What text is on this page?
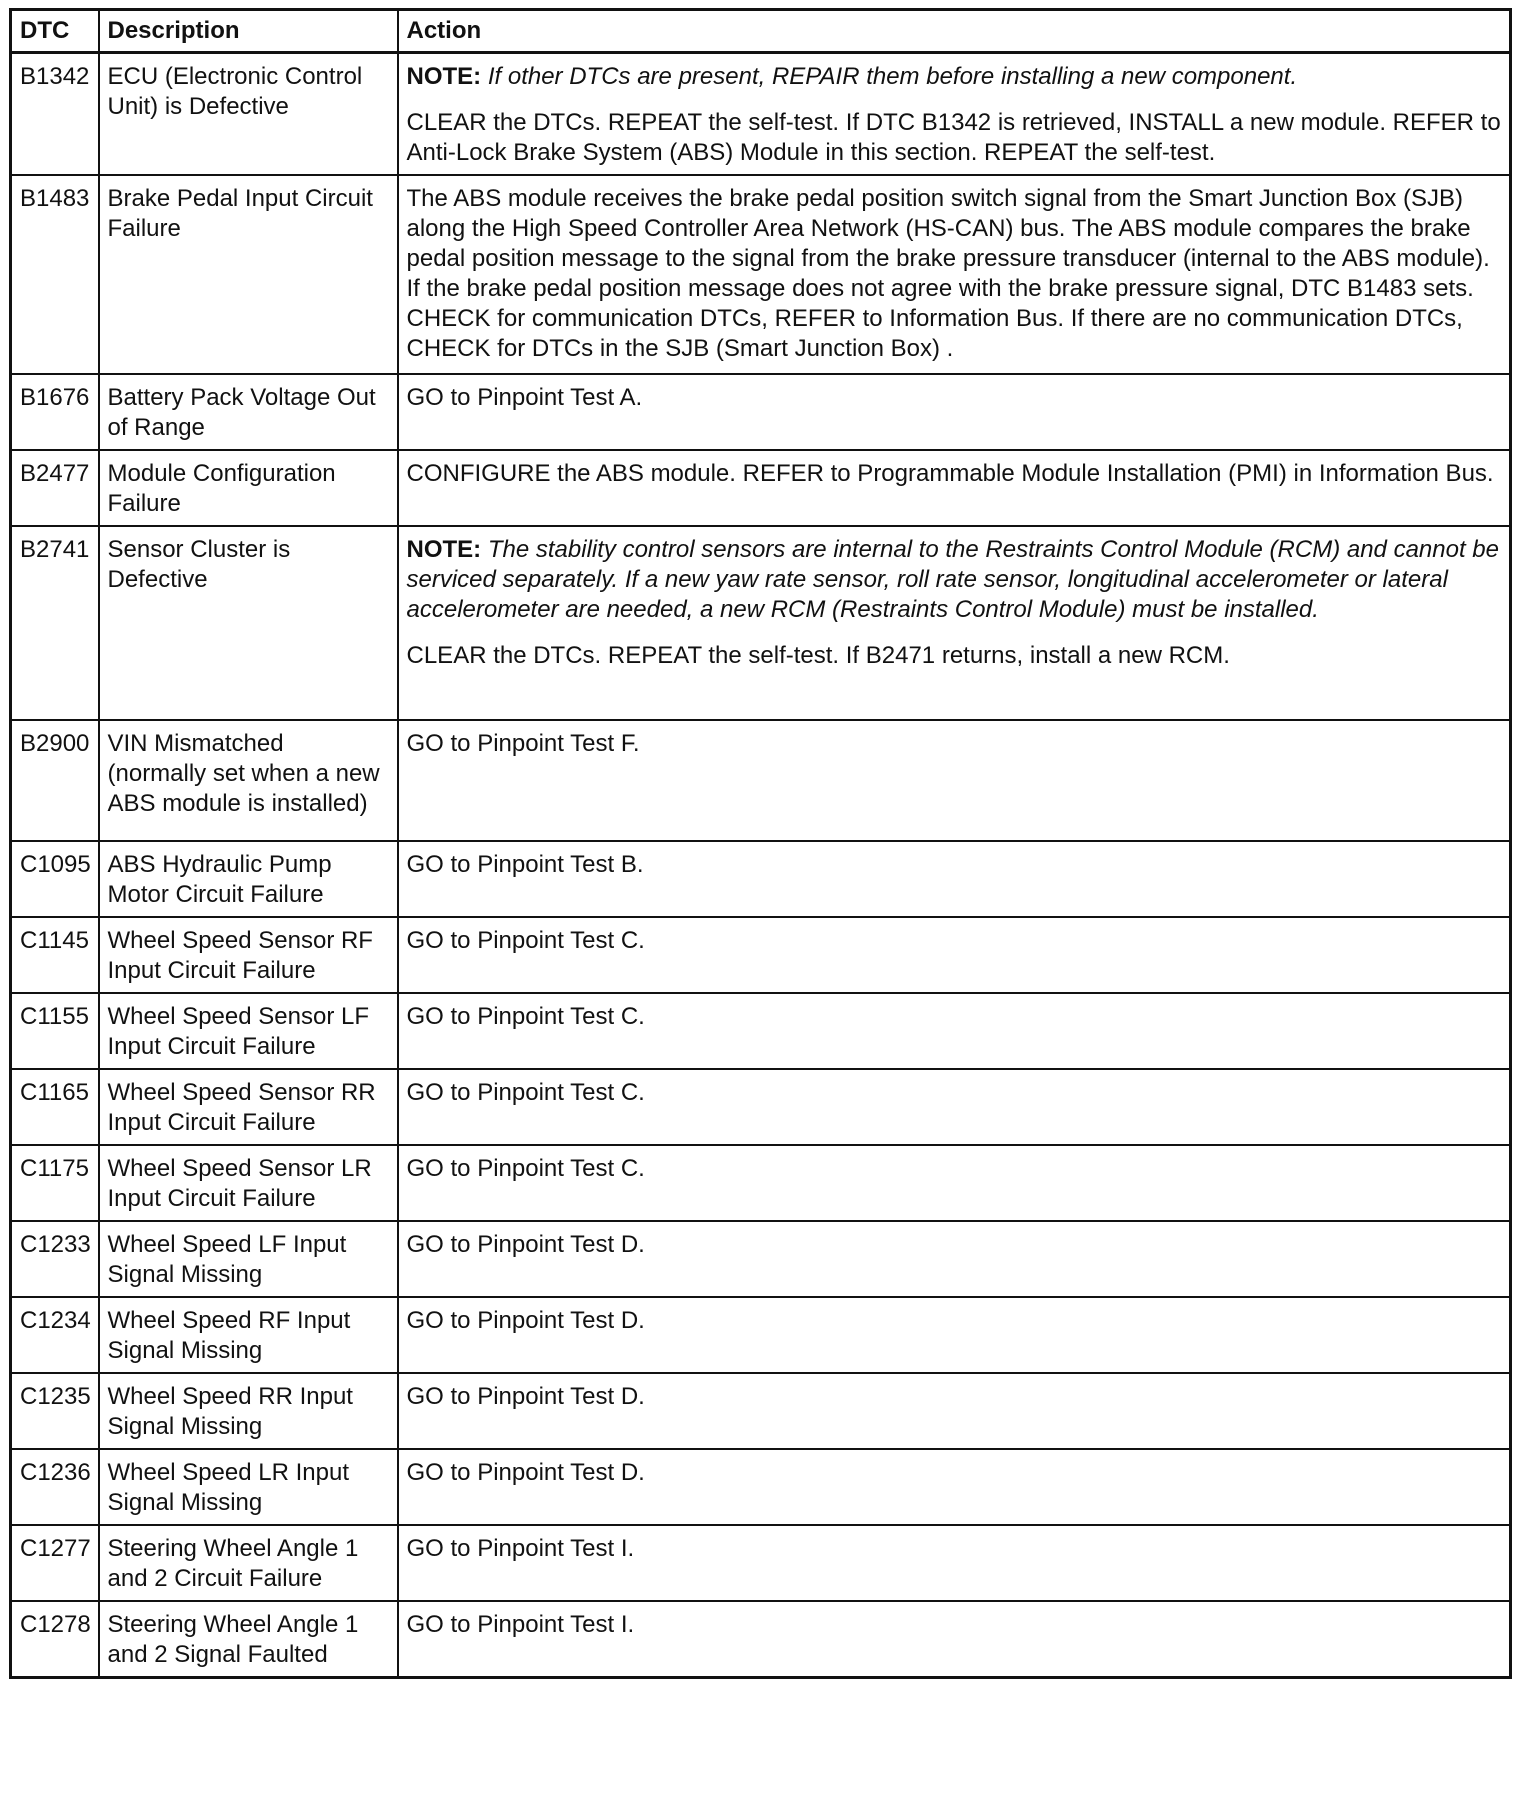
DTC	Description	Action
B1342	ECU (Electronic Control Unit) is Defective	NOTE: If other DTCs are present, REPAIR them before installing a new component.

CLEAR the DTCs. REPEAT the self-test. If DTC B1342 is retrieved, INSTALL a new module. REFER to Anti-Lock Brake System (ABS) Module in this section. REPEAT the self-test.

B1483	Brake Pedal Input Circuit Failure	The ABS module receives the brake pedal position switch signal from the Smart Junction Box (SJB) along the High Speed Controller Area Network (HS-CAN) bus. The ABS module compares the brake pedal position message to the signal from the brake pressure transducer (internal to the ABS module). If the brake pedal position message does not agree with the brake pressure signal, DTC B1483 sets. CHECK for communication DTCs, REFER to Information Bus. If there are no communication DTCs, CHECK for DTCs in the SJB (Smart Junction Box) .
B1676	Battery Pack Voltage Out of Range	GO to Pinpoint Test A.
B2477	Module Configuration Failure	CONFIGURE the ABS module. REFER to Programmable Module Installation (PMI) in Information Bus.
B2741	Sensor Cluster is Defective	NOTE: The stability control sensors are internal to the Restraints Control Module (RCM) and cannot be serviced separately. If a new yaw rate sensor, roll rate sensor, longitudinal accelerometer or lateral accelerometer are needed, a new RCM (Restraints Control Module) must be installed.

CLEAR the DTCs. REPEAT the self-test. If B2471 returns, install a new RCM.

B2900	VIN Mismatched (normally set when a new ABS module is installed)	GO to Pinpoint Test F.
C1095	ABS Hydraulic Pump Motor Circuit Failure	GO to Pinpoint Test B.
C1145	Wheel Speed Sensor RF Input Circuit Failure	GO to Pinpoint Test C.
C1155	Wheel Speed Sensor LF Input Circuit Failure	GO to Pinpoint Test C.
C1165	Wheel Speed Sensor RR Input Circuit Failure	GO to Pinpoint Test C.
C1175	Wheel Speed Sensor LR Input Circuit Failure	GO to Pinpoint Test C.
C1233	Wheel Speed LF Input Signal Missing	GO to Pinpoint Test D.
C1234	Wheel Speed RF Input Signal Missing	GO to Pinpoint Test D.
C1235	Wheel Speed RR Input Signal Missing	GO to Pinpoint Test D.
C1236	Wheel Speed LR Input Signal Missing	GO to Pinpoint Test D.
C1277	Steering Wheel Angle 1 and 2 Circuit Failure	GO to Pinpoint Test I.
C1278	Steering Wheel Angle 1 and 2 Signal Faulted	GO to Pinpoint Test I.
